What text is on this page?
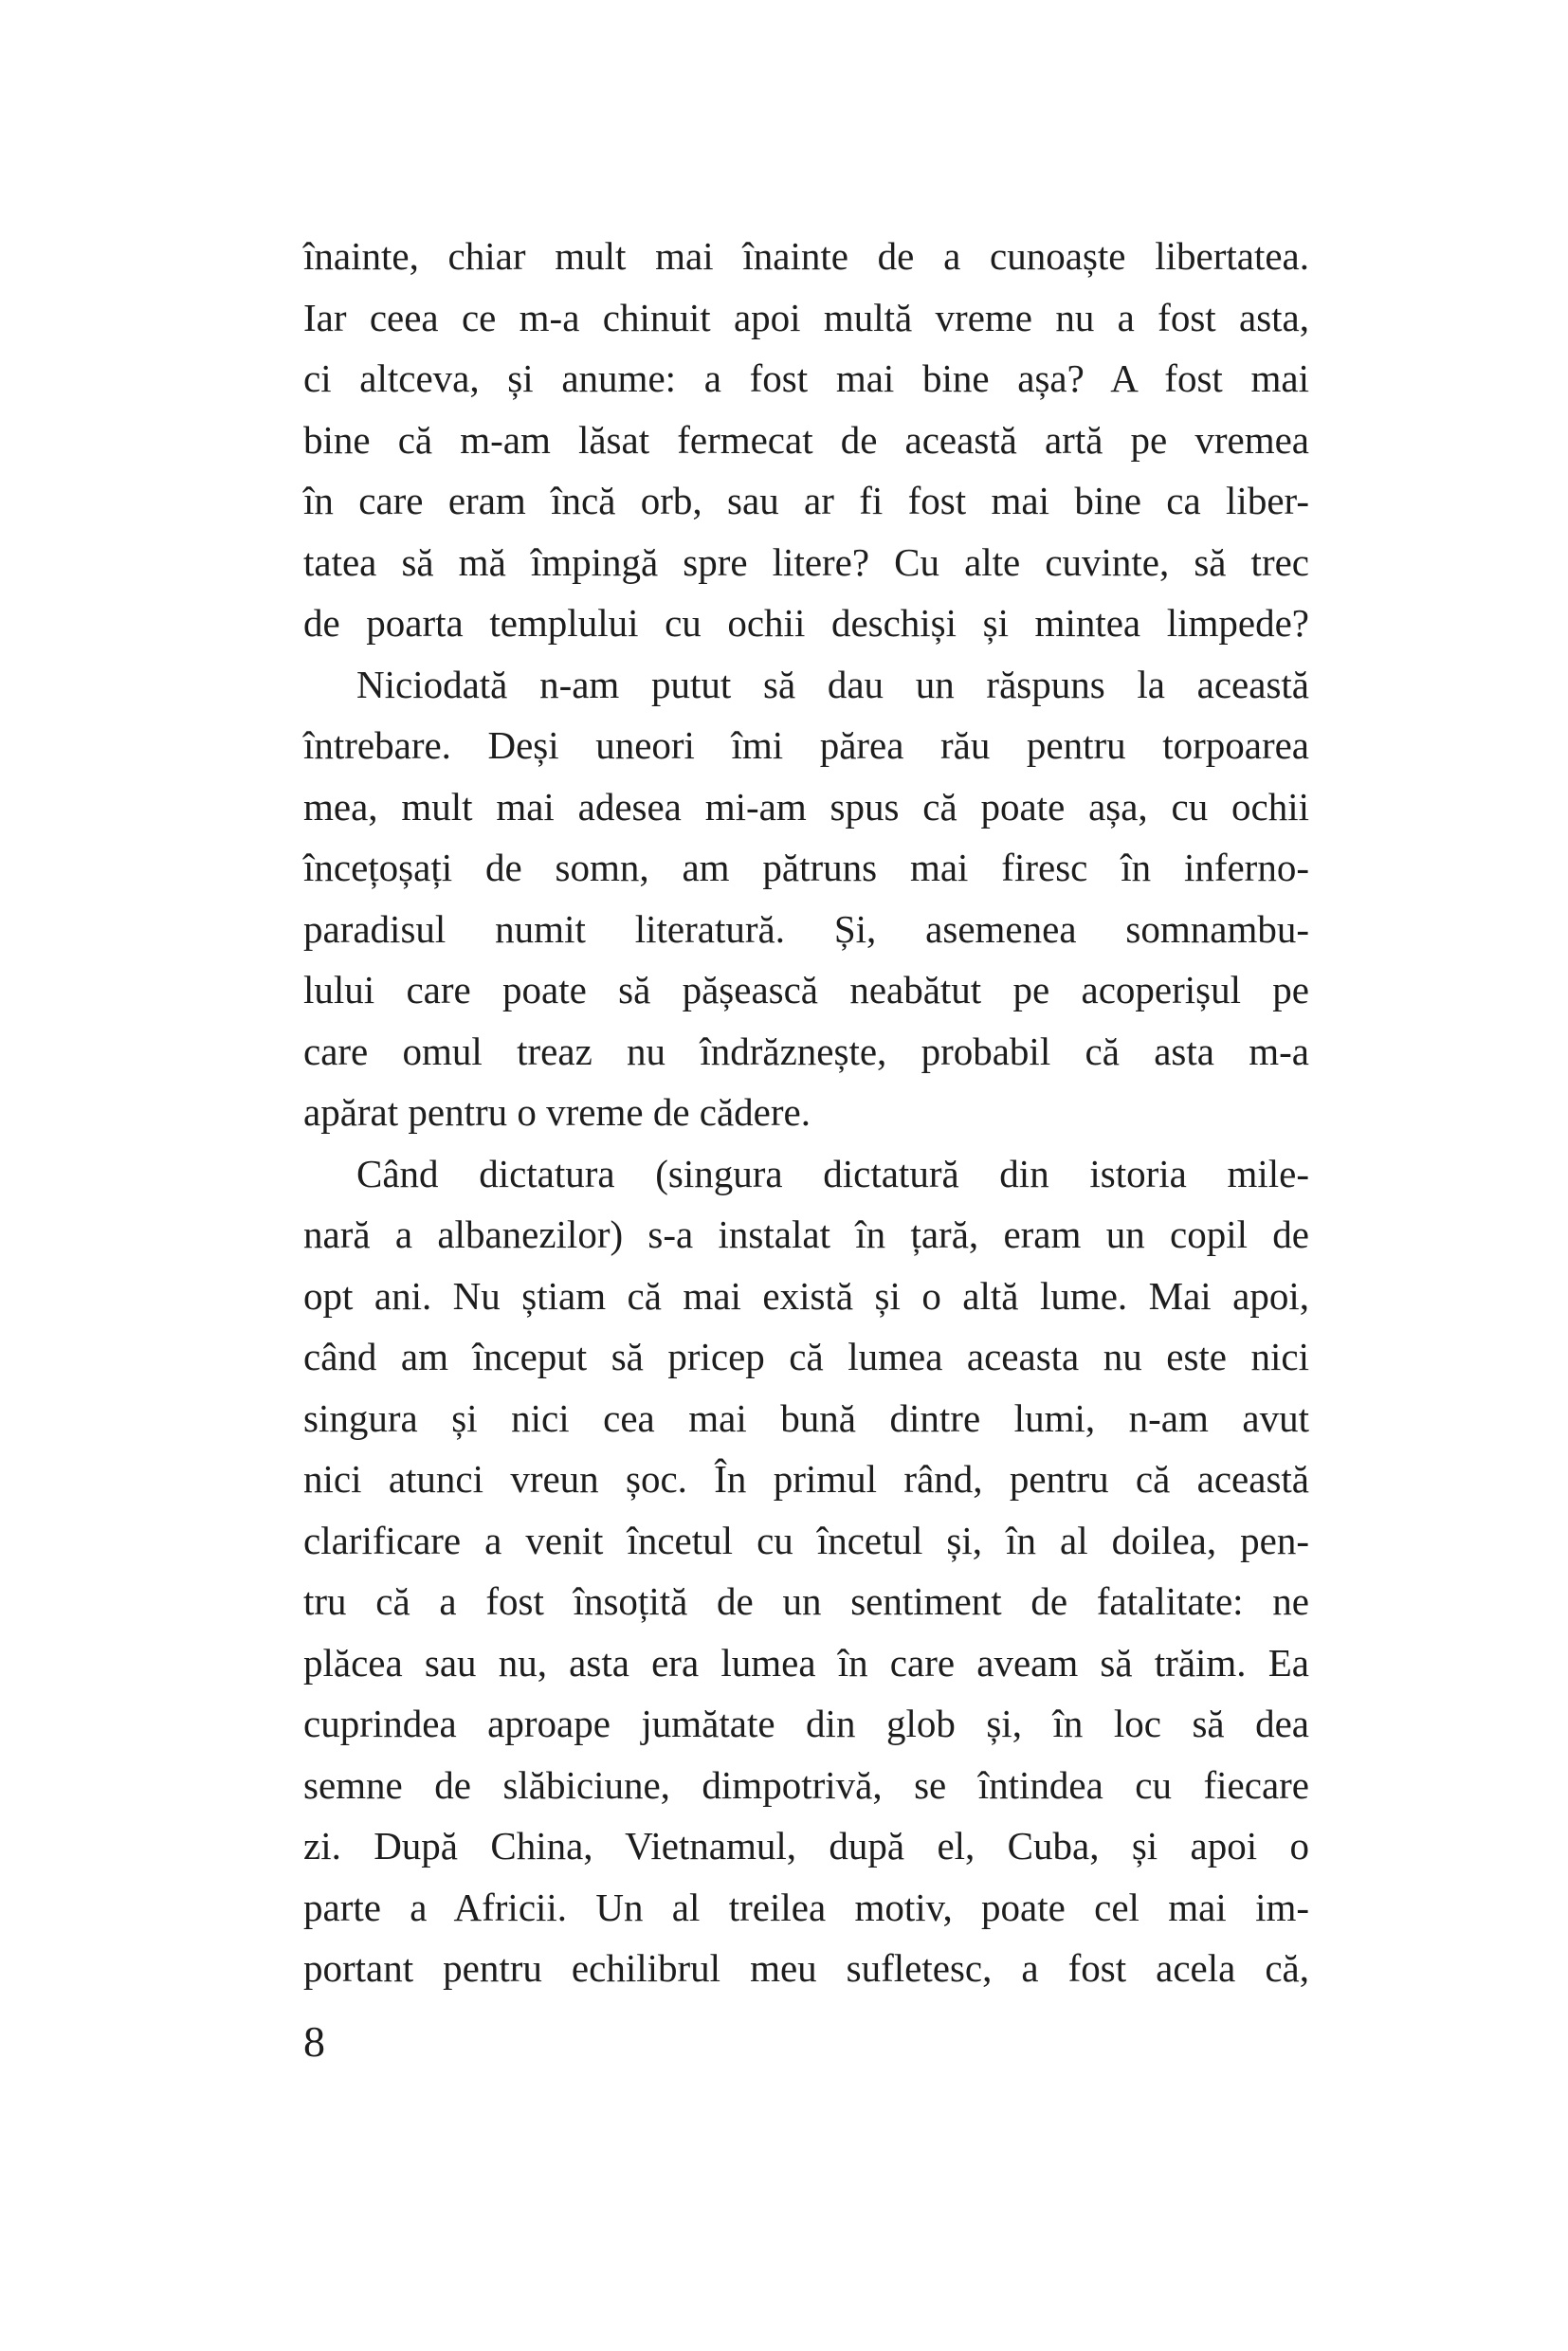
înainte, chiar mult mai înainte de a cunoaște libertatea.
Iar ceea ce m-a chinuit apoi multă vreme nu a fost asta,
ci altceva, și anume: a fost mai bine așa? A fost mai
bine că m-am lăsat fermecat de această artă pe vremea
în care eram încă orb, sau ar fi fost mai bine ca liber-
tatea să mă împingă spre litere? Cu alte cuvinte, să trec
de poarta templului cu ochii deschiși și mintea limpede?
Niciodată n-am putut să dau un răspuns la această
întrebare. Deși uneori îmi părea rău pentru torpoarea
mea, mult mai adesea mi-am spus că poate așa, cu ochii
încețoșați de somn, am pătruns mai firesc în inferno-
paradisul numit literatură. Și, asemenea somnambu-
lului care poate să pășească neabătut pe acoperișul pe
care omul treaz nu îndrăznește, probabil că asta m-a
apărat pentru o vreme de cădere.
Când dictatura (singura dictatură din istoria mile-
nară a albanezilor) s-a instalat în țară, eram un copil de
opt ani. Nu știam că mai există și o altă lume. Mai apoi,
când am început să pricep că lumea aceasta nu este nici
singura și nici cea mai bună dintre lumi, n-am avut
nici atunci vreun șoc. În primul rând, pentru că această
clarificare a venit încetul cu încetul și, în al doilea, pen-
tru că a fost însoțită de un sentiment de fatalitate: ne
plăcea sau nu, asta era lumea în care aveam să trăim. Ea
cuprindea aproape jumătate din glob și, în loc să dea
semne de slăbiciune, dimpotrivă, se întindea cu fiecare
zi. După China, Vietnamul, după el, Cuba, și apoi o
parte a Africii. Un al treilea motiv, poate cel mai im-
portant pentru echilibrul meu sufletesc, a fost acela că,
8
